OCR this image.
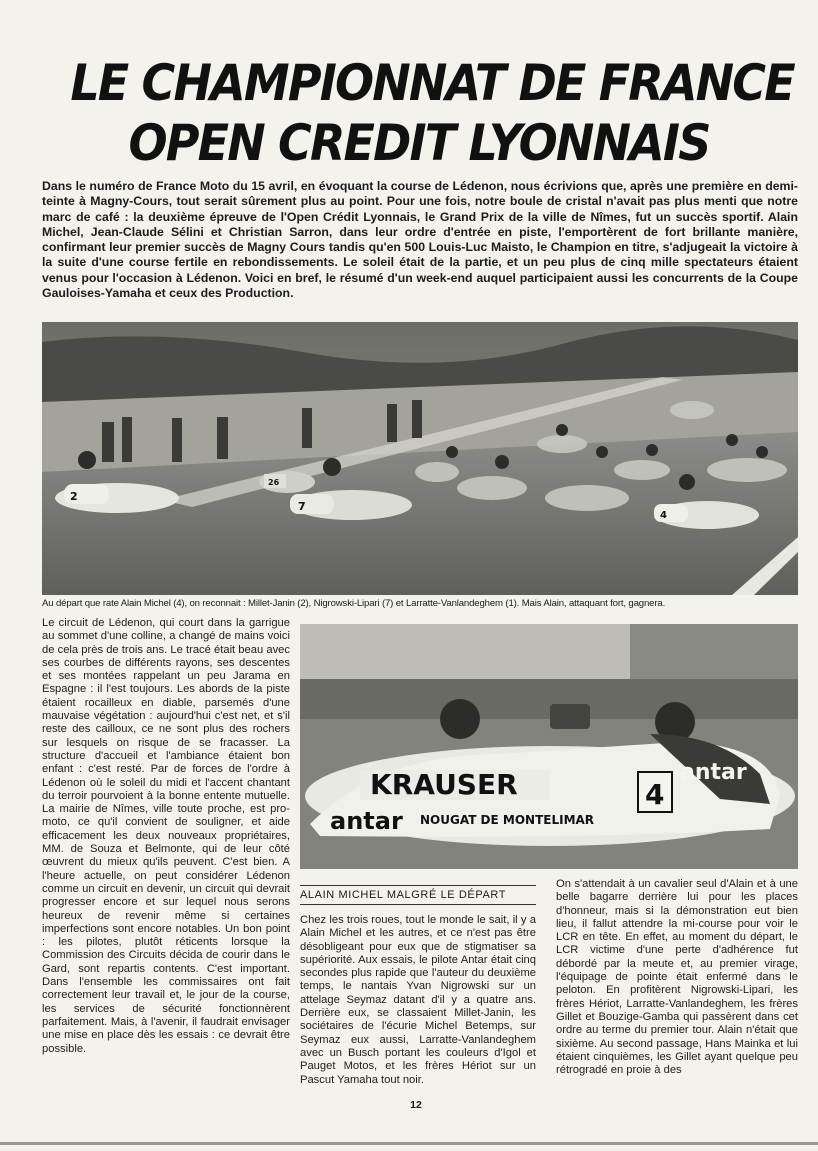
LE CHAMPIONNAT DE FRANCE
OPEN CREDIT LYONNAIS
Dans le numéro de France Moto du 15 avril, en évoquant la course de Lédenon, nous écrivions que, après une première en demi-teinte à Magny-Cours, tout serait sûrement plus au point. Pour une fois, notre boule de cristal n'avait pas plus menti que notre marc de café : la deuxième épreuve de l'Open Crédit Lyonnais, le Grand Prix de la ville de Nîmes, fut un succès sportif. Alain Michel, Jean-Claude Sélini et Christian Sarron, dans leur ordre d'entrée en piste, l'emportèrent de fort brillante manière, confirmant leur premier succès de Magny Cours tandis qu'en 500 Louis-Luc Maisto, le Champion en titre, s'adjugeait la victoire à la suite d'une course fertile en rebondissements. Le soleil était de la partie, et un peu plus de cinq mille spectateurs étaient venus pour l'occasion à Lédenon. Voici en bref, le résumé d'un week-end auquel participaient aussi les concurrents de la Coupe Gauloises-Yamaha et ceux des Production.
2
26
7
4
Au départ que rate Alain Michel (4), on reconnait : Millet-Janin (2), Nigrowski-Lipari (7) et Larratte-Vanlandeghem (1). Mais Alain, attaquant fort, gagnera.
Le circuit de Lédenon, qui court dans la garrigue au sommet d'une colline, a changé de mains voici de cela près de trois ans. Le tracé était beau avec ses courbes de différents rayons, ses descentes et ses montées rappelant un peu Jarama en Espagne : il l'est toujours. Les abords de la piste étaient rocailleux en diable, parsemés d'une mauvaise végétation : aujourd'hui c'est net, et s'il reste des cailloux, ce ne sont plus des rochers sur lesquels on risque de se fracasser. La structure d'accueil et l'ambiance étaient bon enfant : c'est resté. Par de forces de l'ordre à Lédenon où le soleil du midi et l'accent chantant du terroir pourvoient à la bonne entente mutuelle. La mairie de Nîmes, ville toute proche, est pro-moto, ce qu'il convient de souligner, et aide efficacement les deux nouveaux propriétaires, MM. de Souza et Belmonte, qui de leur côté œuvrent du mieux qu'ils peuvent. C'est bien. A l'heure actuelle, on peut considérer Lédenon comme un circuit en devenir, un circuit qui devrait progresser encore et sur lequel nous serons heureux de revenir même si certaines imperfections sont encore notables. Un bon point : les pilotes, plutôt réticents lorsque la Commission des Circuits décida de courir dans le Gard, sont repartis contents. C'est important. Dans l'ensemble les commissaires ont fait correctement leur travail et, le jour de la course, les services de sécurité fonctionnèrent parfaitement. Mais, à l'avenir, il faudrait envisager une mise en place dès les essais : ce devrait être possible.
KRAUSER
antar NOUGAT DE MONTELIMAR
antar
4
ALAIN MICHEL MALGRÉ LE DÉPART
Chez les trois roues, tout le monde le sait, il y a Alain Michel et les autres, et ce n'est pas être désobligeant pour eux que de stigmatiser sa supériorité. Aux essais, le pilote Antar était cinq secondes plus rapide que l'auteur du deuxième temps, le nantais Yvan Nigrowski sur un attelage Seymaz datant d'il y a quatre ans. Derrière eux, se classaient Millet-Janin, les sociétaires de l'écurie Michel Betemps, sur Seymaz eux aussi, Larratte-Vanlandeghem avec un Busch portant les couleurs d'Igol et Pauget Motos, et les frères Hériot sur un Pascut Yamaha tout noir.
On s'attendait à un cavalier seul d'Alain et à une belle bagarre derrière lui pour les places d'honneur, mais si la démonstration eut bien lieu, il fallut attendre la mi-course pour voir le LCR en tête. En effet, au moment du départ, le LCR victime d'une perte d'adhérence fut débordé par la meute et, au premier virage, l'équipage de pointe était enfermé dans le peloton. En profitèrent Nigrowski-Lipari, les frères Hériot, Larratte-Vanlandeghem, les frères Gillet et Bouzige-Gamba qui passèrent dans cet ordre au terme du premier tour. Alain n'était que sixième. Au second passage, Hans Mainka et lui étaient cinquièmes, les Gillet ayant quelque peu rétrogradé en proie à des
12
